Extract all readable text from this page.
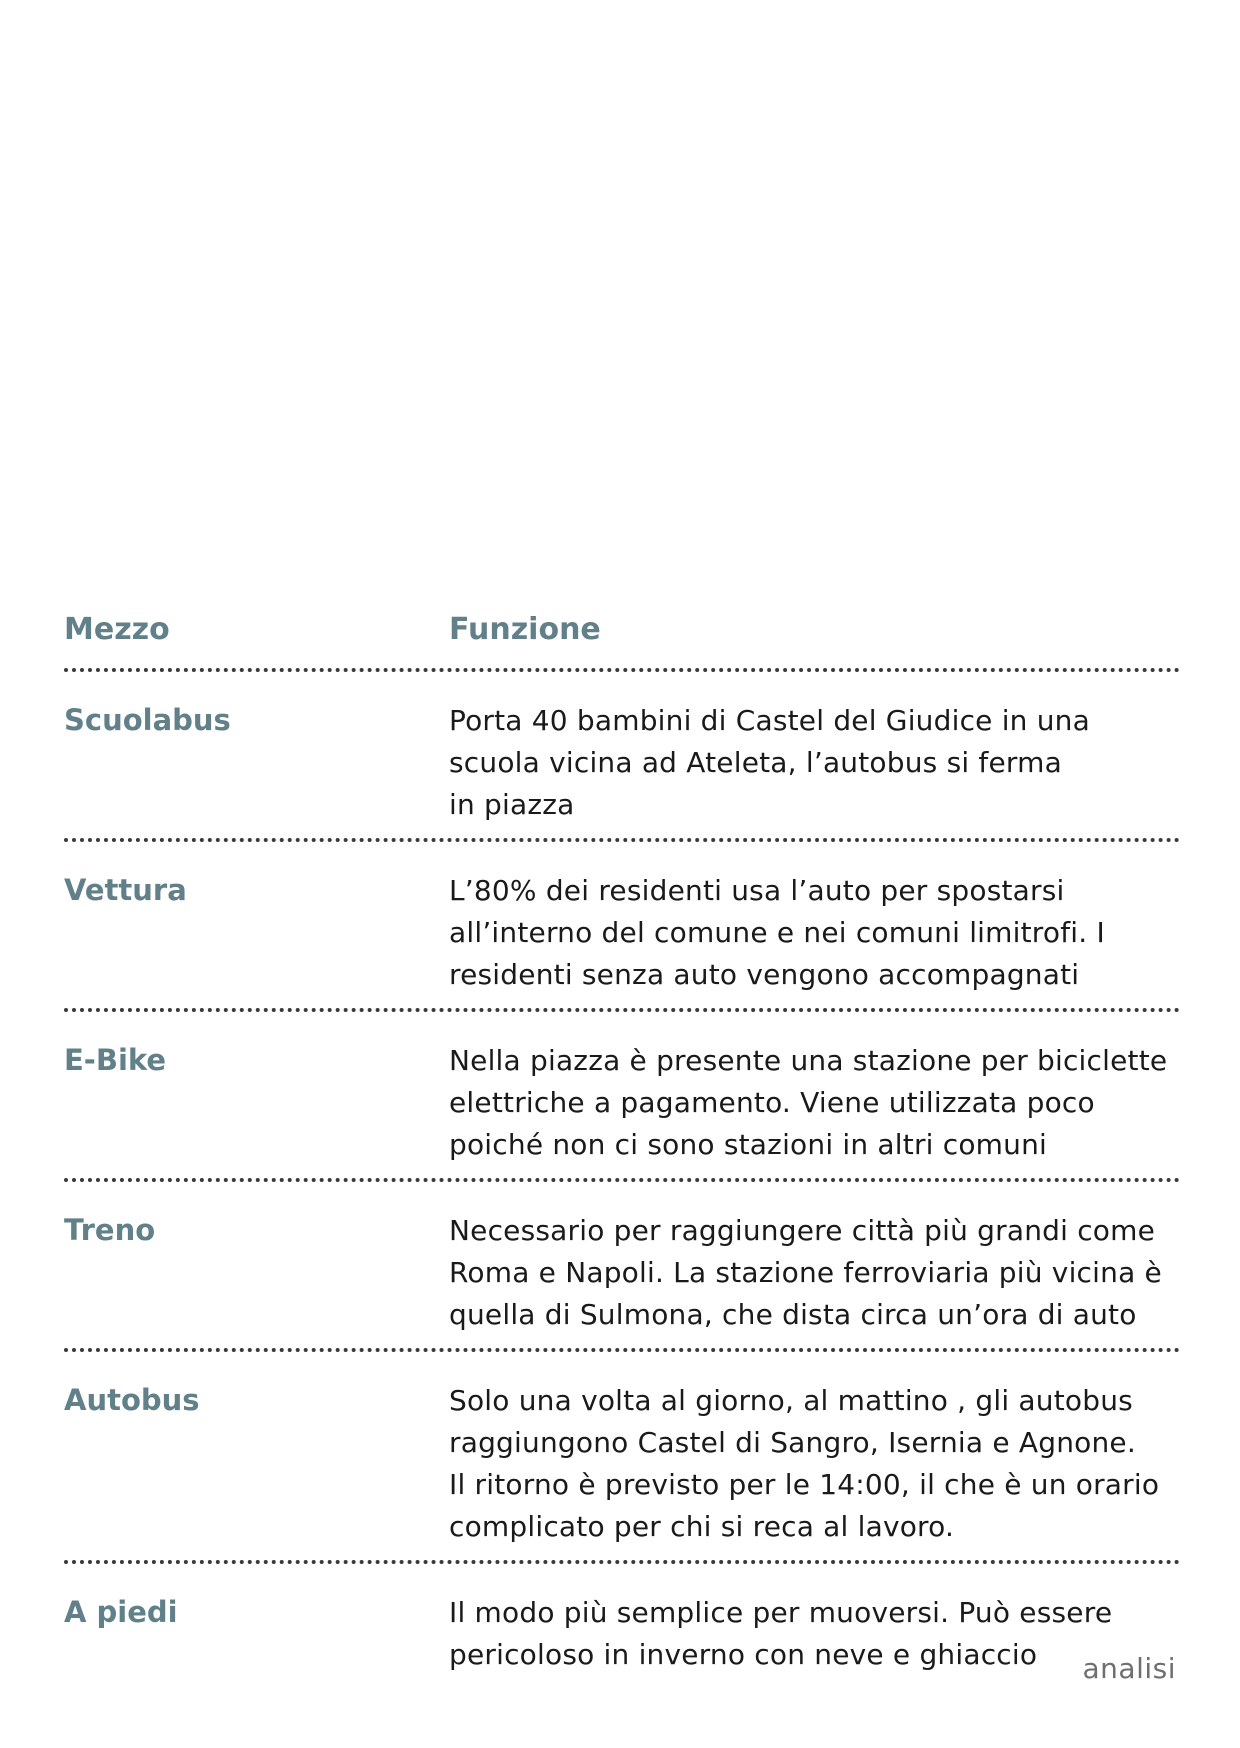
Mezzo	Funzione
Scuolabus	Porta 40 bambini di Castel del Giudice in una
scuola vicina ad Ateleta, l’autobus si ferma
in piazza
Vettura	L’80% dei residenti usa l’auto per spostarsi
all’interno del comune e nei comuni limitrofi. I
residenti senza auto vengono accompagnati
E-Bike	Nella piazza è presente una stazione per biciclette
elettriche a pagamento. Viene utilizzata poco
poiché non ci sono stazioni in altri comuni
Treno	Necessario per raggiungere città più grandi come
Roma e Napoli. La stazione ferroviaria più vicina è
quella di Sulmona, che dista circa un’ora di auto
Autobus	Solo una volta al giorno, al mattino , gli autobus
raggiungono Castel di Sangro, Isernia e Agnone.
Il ritorno è previsto per le 14:00, il che è un orario
complicato per chi si reca al lavoro.
A piedi	Il modo più semplice per muoversi. Può essere
pericoloso in inverno con neve e ghiaccio	analisi
